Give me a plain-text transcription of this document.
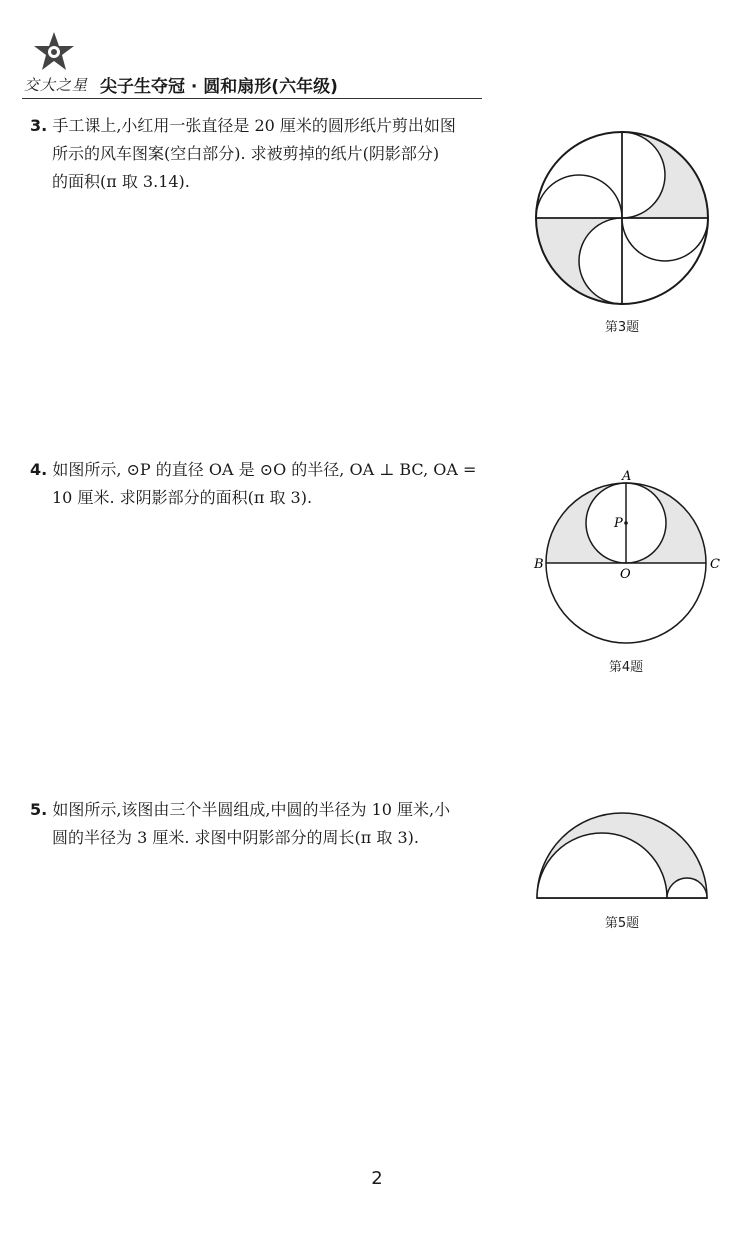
交大之星 尖子生夺冠 · 圆和扇形(六年级)
3. 手工课上,小红用一张直径是 20 厘米的圆形纸片剪出如图
所示的风车图案(空白部分). 求被剪掉的纸片(阴影部分)
的面积(π 取 3.14).
第3题
4. 如图所示, ⊙P 的直径 OA 是 ⊙O 的半径, OA ⊥ BC, OA =
10 厘米. 求阴影部分的面积(π 取 3).
A
P
B
O
C
第4题
5. 如图所示,该图由三个半圆组成,中圆的半径为 10 厘米,小
圆的半径为 3 厘米. 求图中阴影部分的周长(π 取 3).
第5题
2
